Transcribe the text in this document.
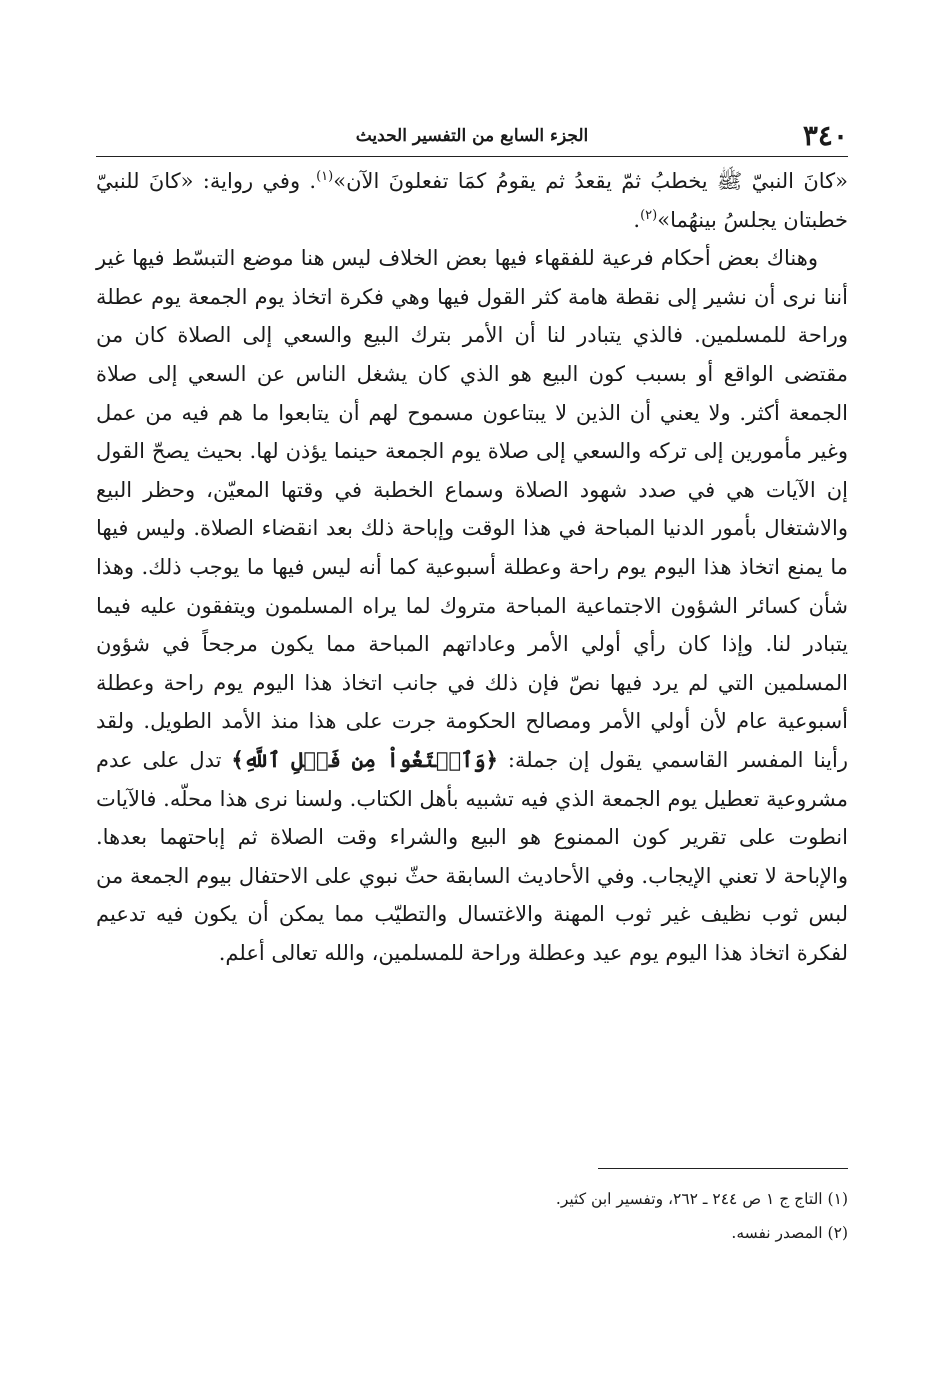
٣٤٠
الجزء السابع من التفسير الحديث

«كانَ النبيّ ﷺ يخطبُ ثمّ يقعدُ ثم يقومُ كمَا تفعلونَ الآن»$^{(١)}$. وفي رواية: «كانَ للنبيّ خطبتان يجلسُ بينهُما»$^{(٢)}$.

وهناك بعض أحكام فرعية للفقهاء فيها بعض الخلاف ليس هنا موضع التبسّط فيها غير أننا نرى أن نشير إلى نقطة هامة كثر القول فيها وهي فكرة اتخاذ يوم الجمعة يوم عطلة وراحة للمسلمين. فالذي يتبادر لنا أن الأمر بترك البيع والسعي إلى الصلاة كان من مقتضى الواقع أو بسبب كون البيع هو الذي كان يشغل الناس عن السعي إلى صلاة الجمعة أكثر. ولا يعني أن الذين لا يبتاعون مسموح لهم أن يتابعوا ما هم فيه من عمل وغير مأمورين إلى تركه والسعي إلى صلاة يوم الجمعة حينما يؤذن لها. بحيث يصحّ القول إن الآيات هي في صدد شهود الصلاة وسماع الخطبة في وقتها المعيّن، وحظر البيع والاشتغال بأمور الدنيا المباحة في هذا الوقت وإباحة ذلك بعد انقضاء الصلاة. وليس فيها ما يمنع اتخاذ هذا اليوم يوم راحة وعطلة أسبوعية كما أنه ليس فيها ما يوجب ذلك. وهذا شأن كسائر الشؤون الاجتماعية المباحة متروك لما يراه المسلمون ويتفقون عليه فيما يتبادر لنا. وإذا كان رأي أولي الأمر وعاداتهم المباحة مما يكون مرجحاً في شؤون المسلمين التي لم يرد فيها نصّ فإن ذلك في جانب اتخاذ هذا اليوم يوم راحة وعطلة أسبوعية عام لأن أولي الأمر ومصالح الحكومة جرت على هذا منذ الأمد الطويل. ولقد رأينا المفسر القاسمي يقول إن جملة: ﴿وَٱبۡتَغُواْ مِن فَضۡلِ ٱللَّهِ﴾ تدل على عدم مشروعية تعطيل يوم الجمعة الذي فيه تشبيه بأهل الكتاب. ولسنا نرى هذا محلّه. فالآيات انطوت على تقرير كون الممنوع هو البيع والشراء وقت الصلاة ثم إباحتهما بعدها. والإباحة لا تعني الإيجاب. وفي الأحاديث السابقة حثّ نبوي على الاحتفال بيوم الجمعة من لبس ثوب نظيف غير ثوب المهنة والاغتسال والتطيّب مما يمكن أن يكون فيه تدعيم لفكرة اتخاذ هذا اليوم يوم عيد وعطلة وراحة للمسلمين، والله تعالى أعلم.

(١) التاج ج ١ ص ٢٤٤ ـ ٢٦٢، وتفسير ابن كثير.

(٢) المصدر نفسه.
